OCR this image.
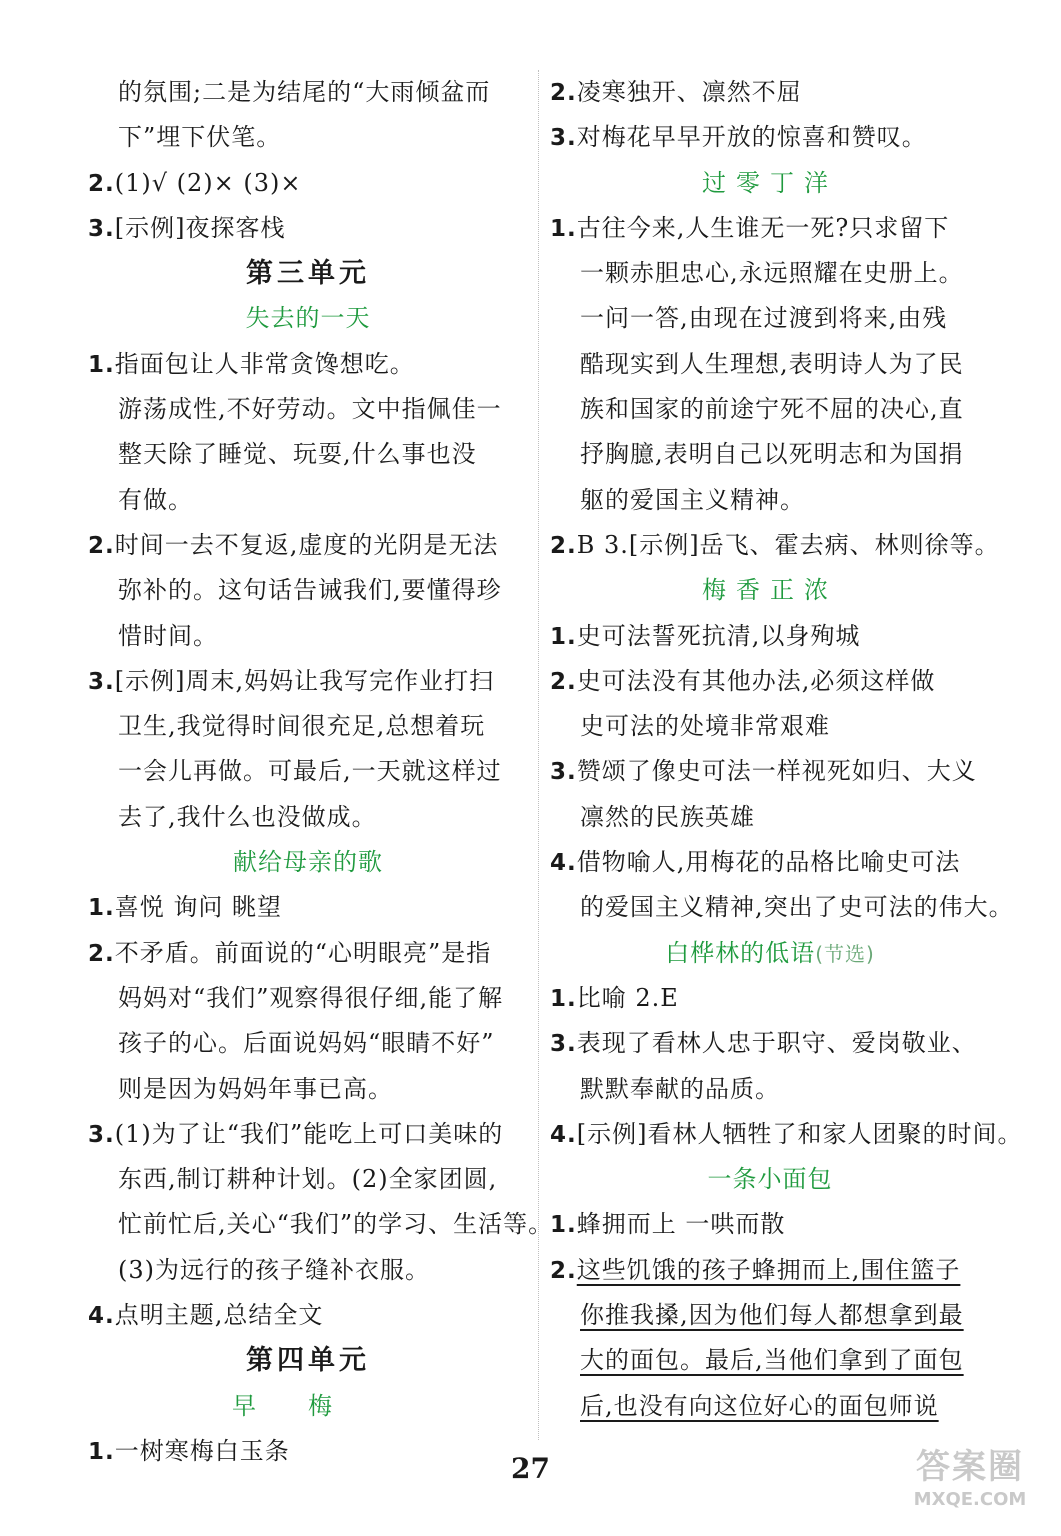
的氛围;二是为结尾的“大雨倾盆而
下”埋下伏笔。
2.(1)√ (2)× (3)×
3.[示例]夜探客栈
第三单元
失去的一天
1.指面包让人非常贪馋想吃。
游荡成性,不好劳动。文中指佩佳一
整天除了睡觉、玩耍,什么事也没
有做。
2.时间一去不复返,虚度的光阴是无法
弥补的。这句话告诫我们,要懂得珍
惜时间。
3.[示例]周末,妈妈让我写完作业打扫
卫生,我觉得时间很充足,总想着玩
一会儿再做。可最后,一天就这样过
去了,我什么也没做成。
献给母亲的歌
1.喜悦 询问 眺望
2.不矛盾。前面说的“心明眼亮”是指
妈妈对“我们”观察得很仔细,能了解
孩子的心。后面说妈妈“眼睛不好”
则是因为妈妈年事已高。
3.(1)为了让“我们”能吃上可口美味的
东西,制订耕种计划。(2)全家团圆,
忙前忙后,关心“我们”的学习、生活等。
(3)为远行的孩子缝补衣服。
4.点明主题,总结全文
第四单元
早梅
1.一树寒梅白玉条
2.凌寒独开、凛然不屈
3.对梅花早早开放的惊喜和赞叹。
过零丁洋
1.古往今来,人生谁无一死?只求留下
一颗赤胆忠心,永远照耀在史册上。
一问一答,由现在过渡到将来,由残
酷现实到人生理想,表明诗人为了民
族和国家的前途宁死不屈的决心,直
抒胸臆,表明自己以死明志和为国捐
躯的爱国主义精神。
2.B 3.[示例]岳飞、霍去病、林则徐等。
梅香正浓
1.史可法誓死抗清,以身殉城
2.史可法没有其他办法,必须这样做
史可法的处境非常艰难
3.赞颂了像史可法一样视死如归、大义
凛然的民族英雄
4.借物喻人,用梅花的品格比喻史可法
的爱国主义精神,突出了史可法的伟大。
白桦林的低语(节选)
1.比喻 2.E
3.表现了看林人忠于职守、爱岗敬业、
默默奉献的品质。
4.[示例]看林人牺牲了和家人团聚的时间。
一条小面包
1.蜂拥而上 一哄而散
2.这些饥饿的孩子蜂拥而上,围住篮子
你推我搡,因为他们每人都想拿到最
大的面包。最后,当他们拿到了面包
后,也没有向这位好心的面包师说
27	答案圈
MXQE.COM
